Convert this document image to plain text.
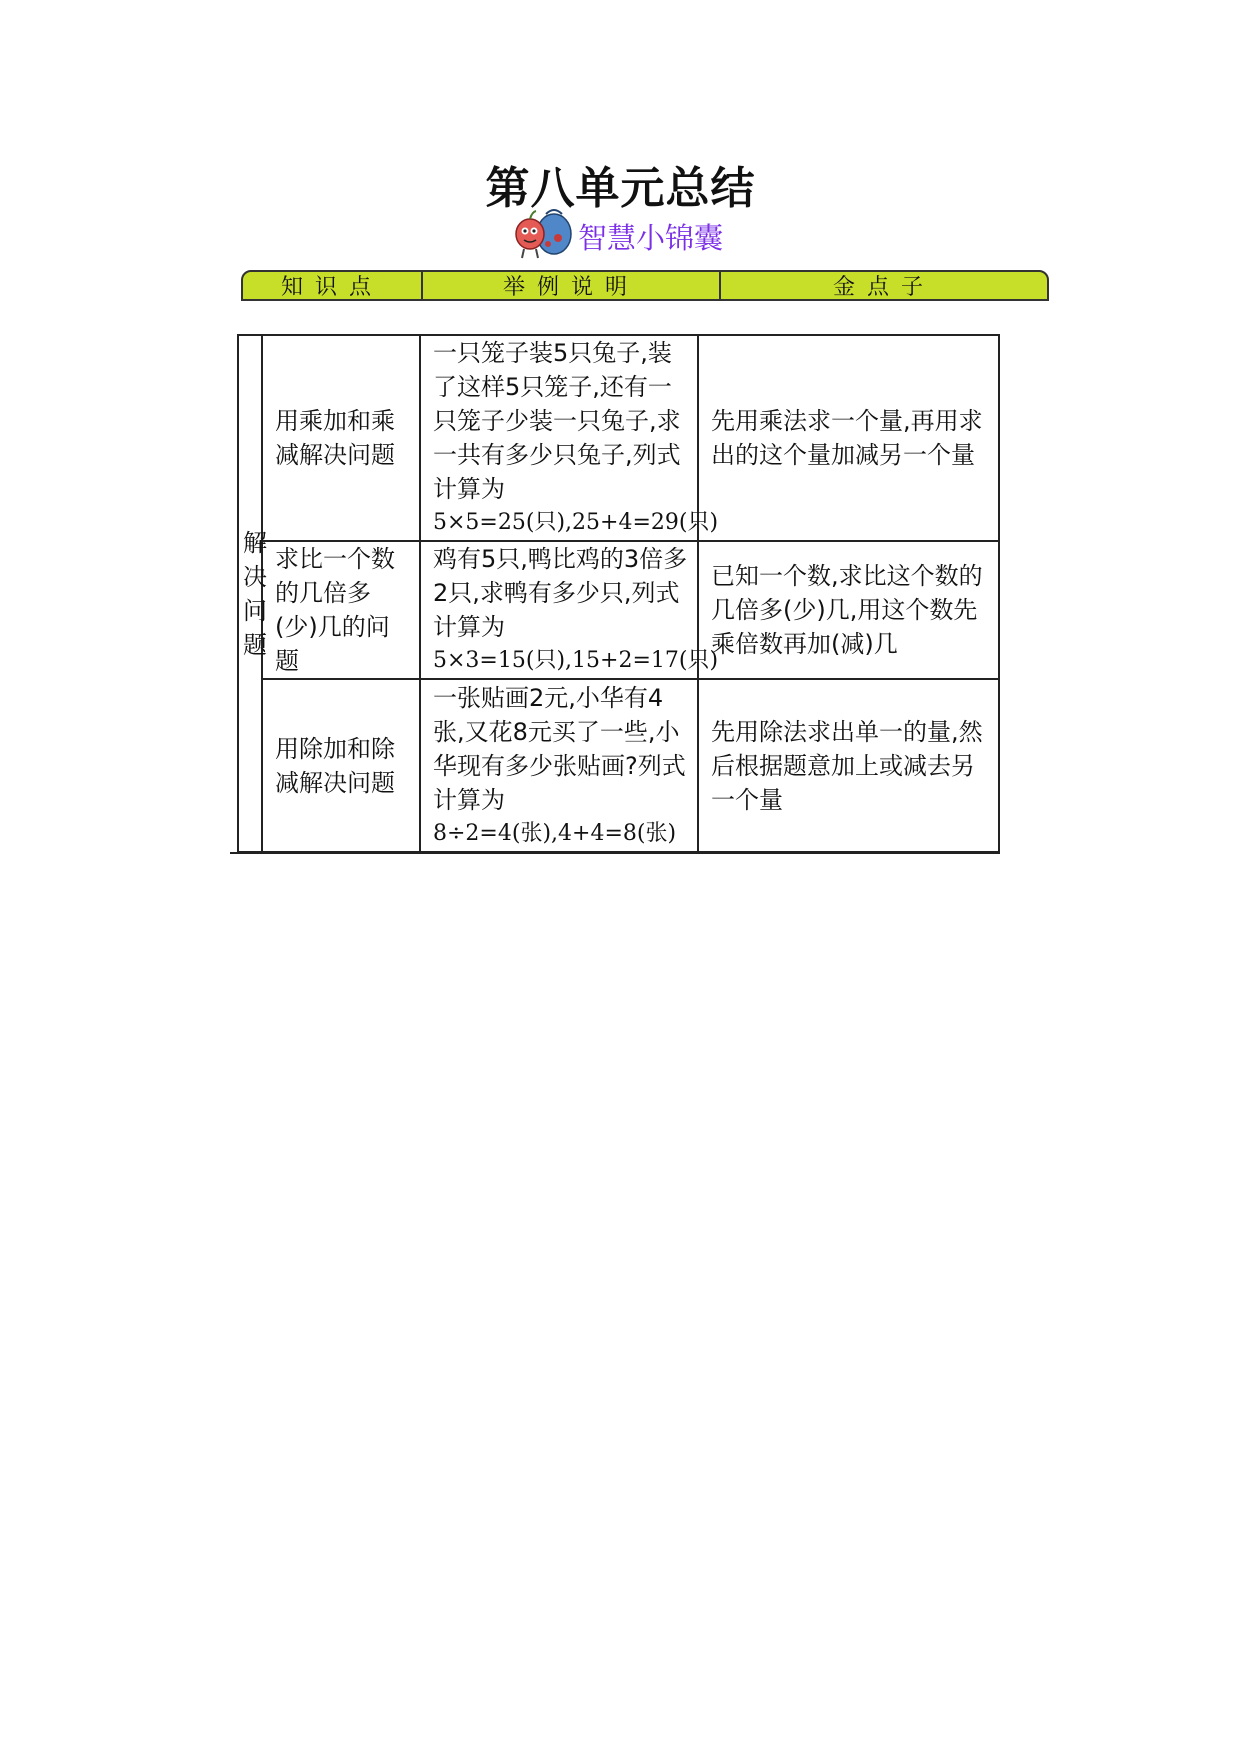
第八单元总结
智慧小锦囊
知识点	举例说明	金点子
解决问题	用乘加和乘减解决问题	一只笼子装5只兔子,装了这样5只笼子,还有一只笼子少装一只兔子,求一共有多少只兔子,列式计算为
5×5=25(只),25+4=29(只)	先用乘法求一个量,再用求出的这个量加减另一个量
	求比一个数的几倍多(少)几的问题	鸡有5只,鸭比鸡的3倍多2只,求鸭有多少只,列式计算为
5×3=15(只),15+2=17(只)	已知一个数,求比这个数的几倍多(少)几,用这个数先乘倍数再加(减)几
	用除加和除减解决问题	一张贴画2元,小华有4张,又花8元买了一些,小华现有多少张贴画?列式计算为
8÷2=4(张),4+4=8(张)	先用除法求出单一的量,然后根据题意加上或减去另一个量
